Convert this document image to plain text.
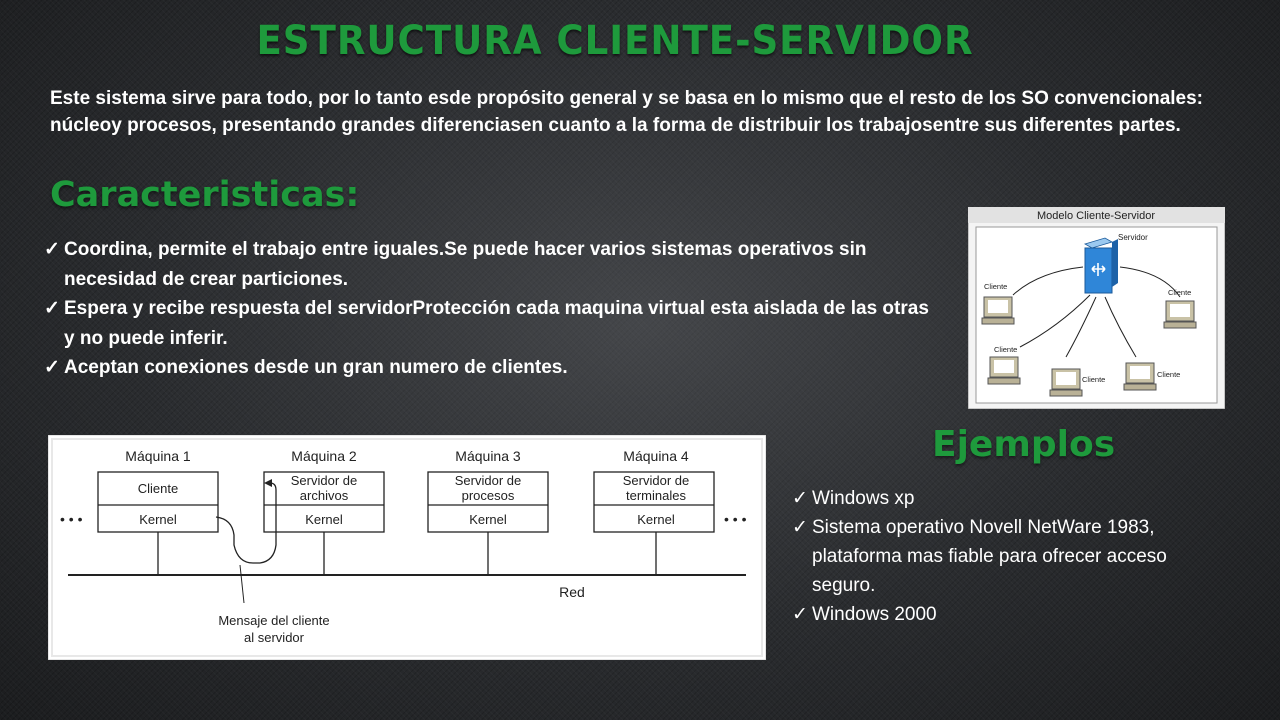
ESTRUCTURA CLIENTE-SERVIDOR
Este sistema sirve para todo, por lo tanto esde propósito general y se basa en lo mismo que el resto de los SO convencionales: núcleoy procesos, presentando grandes diferenciasen cuanto a la forma de distribuir los trabajosentre sus diferentes partes.
Caracteristicas:
✓ Coordina, permite el trabajo entre iguales.Se puede hacer varios sistemas operativos sin necesidad de crear particiones.
✓ Espera y recibe respuesta del servidorProtección cada maquina virtual esta aislada de las otras y no puede inferir.
✓ Aceptan conexiones desde un gran numero de clientes.
Modelo Cliente-Servidor
Servidor
Cliente
Cliente
Cliente
Cliente
Cliente
Máquina 1	Máquina 2	Máquina 3	Máquina 4
Cliente
Servidor de
archivos
Servidor de
procesos
Servidor de
terminales
Kernel	Kernel	Kernel	Kernel
• • •	• • •
Red
Mensaje del cliente
al servidor
Ejemplos
✓ Windows xp
✓ Sistema operativo Novell NetWare 1983, plataforma mas fiable para ofrecer acceso seguro.
✓ Windows 2000
